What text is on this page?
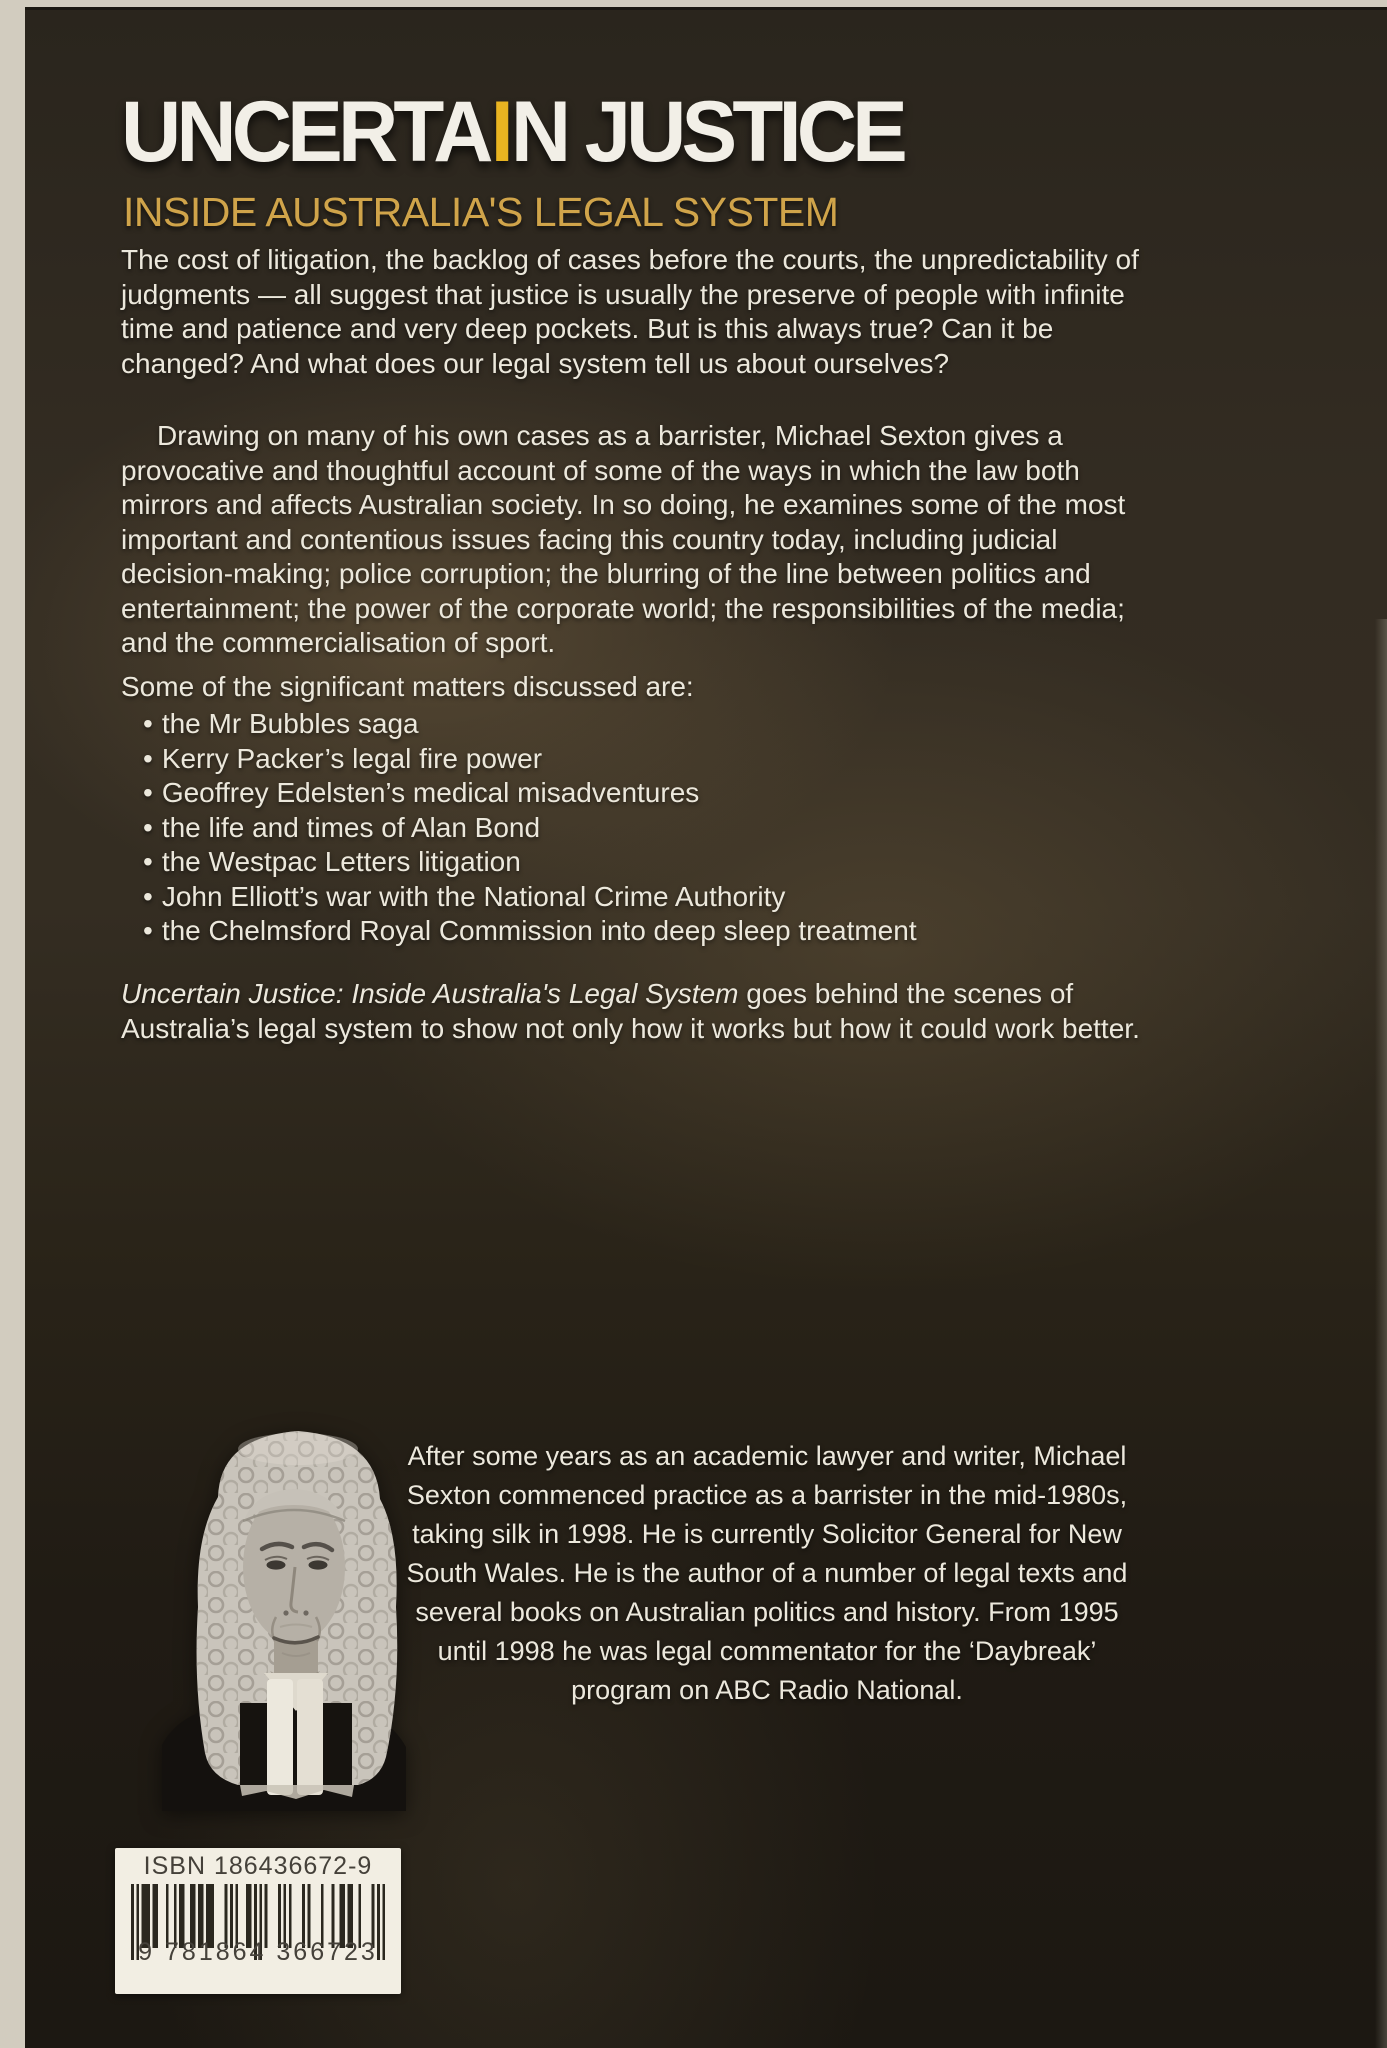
UNCERTAIN JUSTICE
INSIDE AUSTRALIA'S LEGAL SYSTEM

The cost of litigation, the backlog of cases before the courts, the unpredictability of judgments — all suggest that justice is usually the preserve of people with infinite time and patience and very deep pockets. But is this always true? Can it be changed? And what does our legal system tell us about ourselves?

Drawing on many of his own cases as a barrister, Michael Sexton gives a provocative and thoughtful account of some of the ways in which the law both mirrors and affects Australian society. In so doing, he examines some of the most important and contentious issues facing this country today, including judicial decision-making; police corruption; the blurring of the line between politics and entertainment; the power of the corporate world; the responsibilities of the media; and the commercialisation of sport.

Some of the significant matters discussed are:

• the Mr Bubbles saga
• Kerry Packer’s legal fire power
• Geoffrey Edelsten’s medical misadventures
• the life and times of Alan Bond
• the Westpac Letters litigation
• John Elliott’s war with the National Crime Authority
• the Chelmsford Royal Commission into deep sleep treatment

Uncertain Justice: Inside Australia's Legal System goes behind the scenes of Australia’s legal system to show not only how it works but how it could work better.

After some years as an academic lawyer and writer, Michael Sexton commenced practice as a barrister in the mid-1980s, taking silk in 1998. He is currently Solicitor General for New South Wales. He is the author of a number of legal texts and several books on Australian politics and history. From 1995 until 1998 he was legal commentator for the ‘Daybreak’ program on ABC Radio National.

ISBN 186436672-9
9 781864 366723
